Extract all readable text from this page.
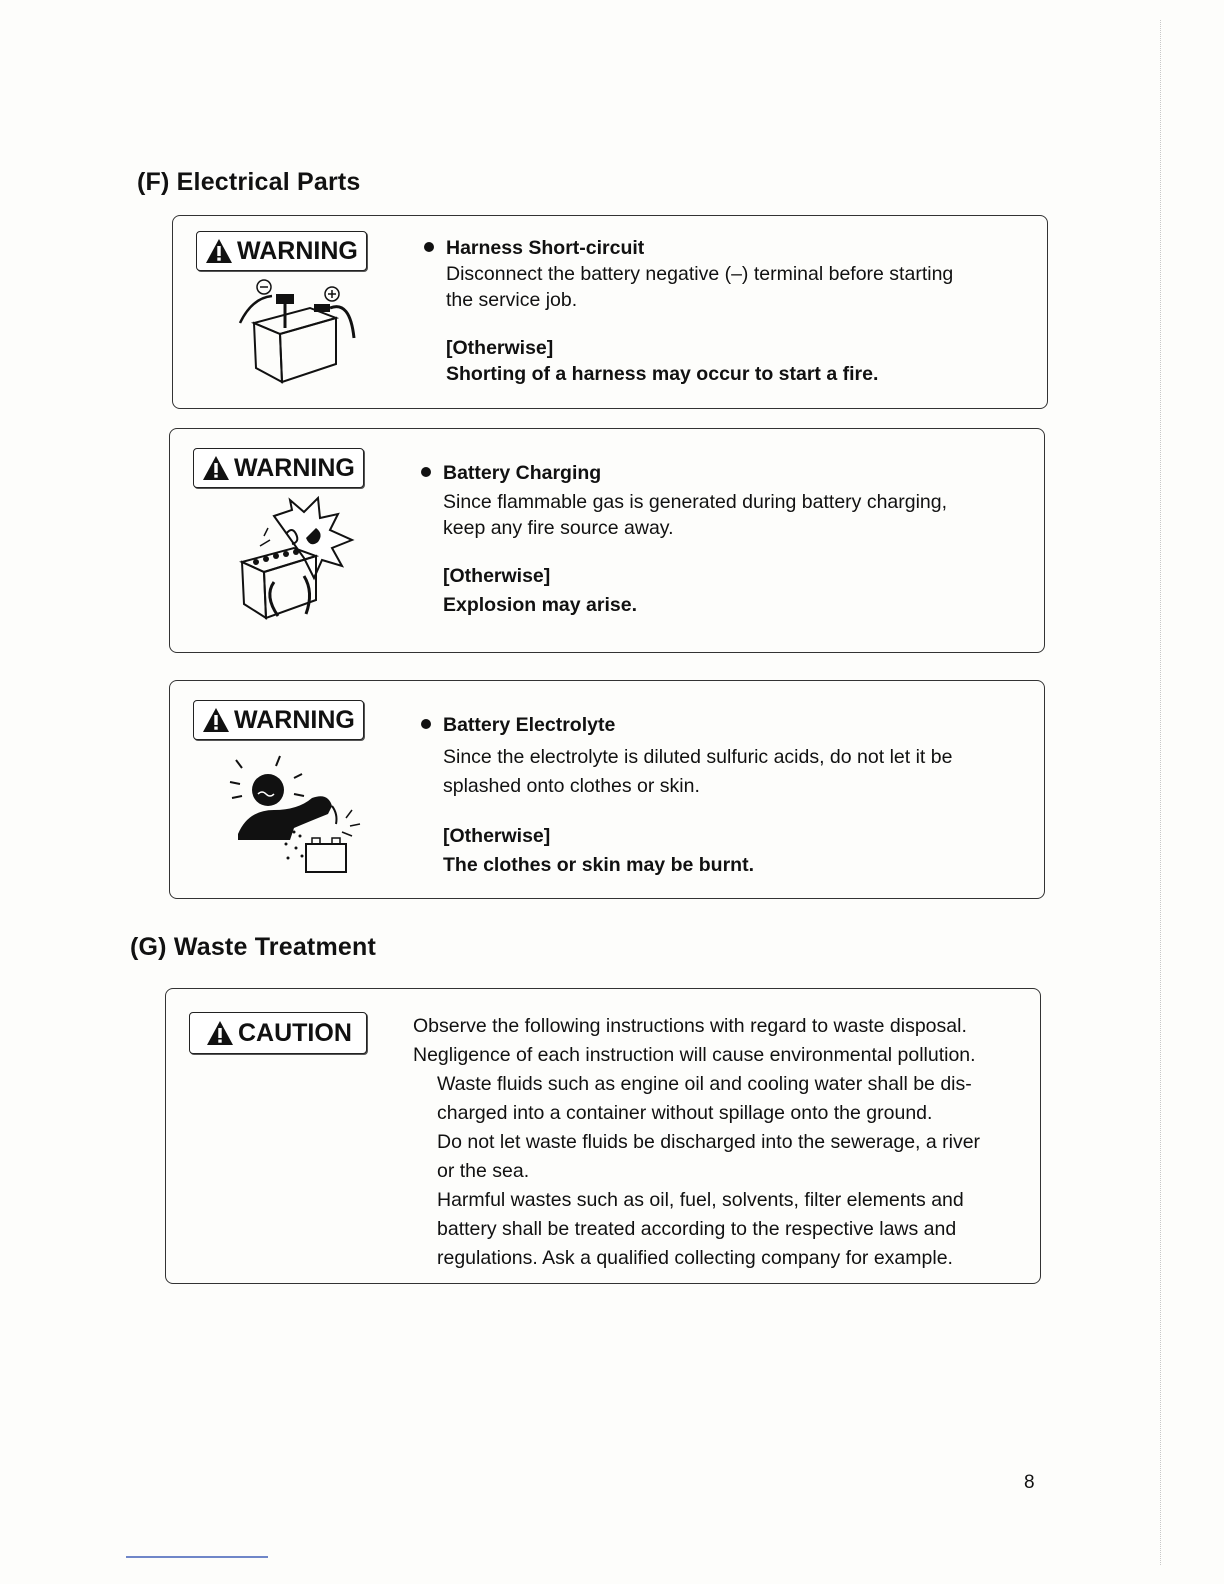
(F) Electrical Parts
WARNING	Harness Short-circuit
Disconnect the battery negative (–) terminal before starting
the service job.
[Otherwise]
Shorting of a harness may occur to start a fire.
WARNING	Battery Charging
Since flammable gas is generated during battery charging,
keep any fire source away.
[Otherwise]
Explosion may arise.
WARNING	Battery Electrolyte
Since the electrolyte is diluted sulfuric acids, do not let it be
splashed onto clothes or skin.
[Otherwise]
The clothes or skin may be burnt.
(G) Waste Treatment
CAUTION	Observe the following instructions with regard to waste disposal.
Negligence of each instruction will cause environmental pollution.
Waste fluids such as engine oil and cooling water shall be dis-
charged into a container without spillage onto the ground.
Do not let waste fluids be discharged into the sewerage, a river
or the sea.
Harmful wastes such as oil, fuel, solvents, filter elements and
battery shall be treated according to the respective laws and
regulations. Ask a qualified collecting company for example.
8
